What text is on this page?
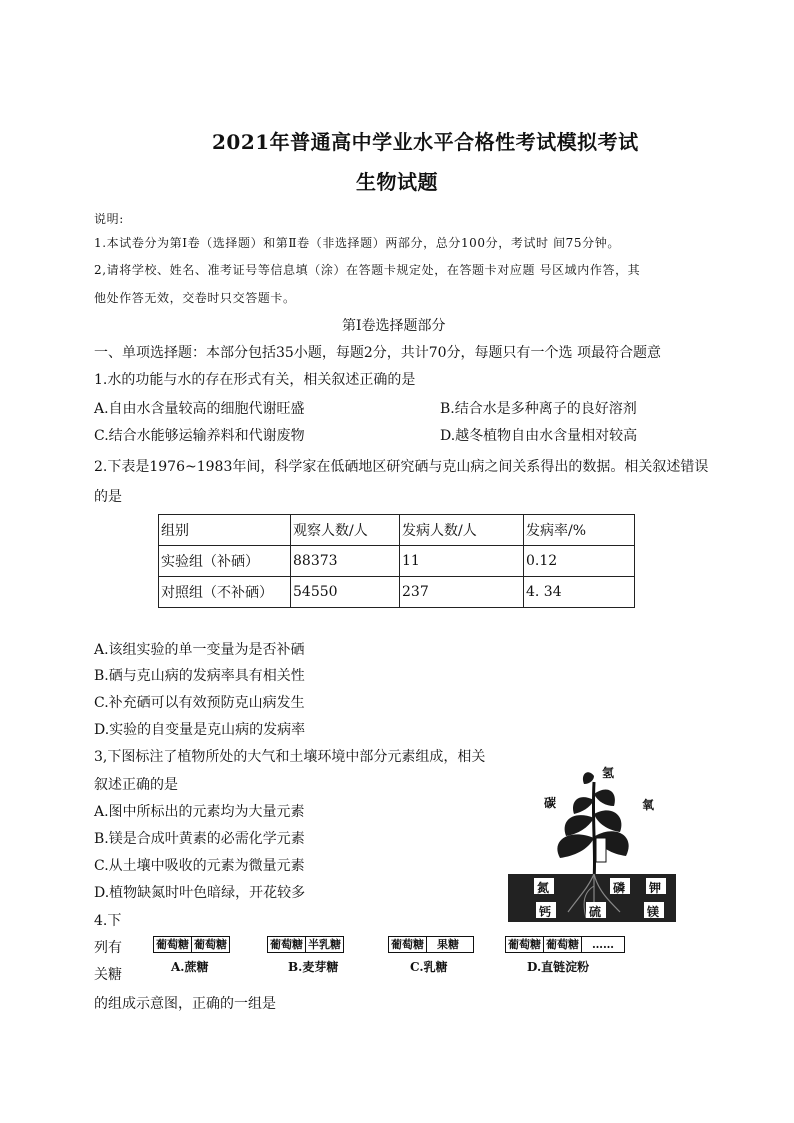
2021年普通高中学业水平合格性考试模拟考试
生物试题
说明:
1.本试卷分为第Ⅰ卷（选择题）和第Ⅱ卷（非选择题）两部分，总分100分，考试时 间75分钟。
2,请将学校、姓名、准考证号等信息填（涂）在答题卡规定处，在答题卡对应题 号区域内作答，其
他处作答无效，交卷时只交答题卡。
第Ⅰ卷选择题部分
一、单项选择题：本部分包括35小题，每题2分，共计70分，每题只有一个选 项最符合题意
1.水的功能与水的存在形式有关，相关叙述正确的是
A.自由水含量较高的细胞代谢旺盛	B.结合水是多种离子的良好溶剂
C.结合水能够运输养料和代谢废物	D.越冬植物自由水含量相对较高
2.下表是1976~1983年间，科学家在低硒地区研究硒与克山病之间关系得出的数据。相关叙述错误
的是
组别	观察人数/人	发病人数/人	发病率/%
实验组（补硒）	88373	11	0.12
对照组（不补硒）	54550	237	4. 34
A.该组实验的单一变量为是否补硒
B.硒与克山病的发病率具有相关性
C.补充硒可以有效预防克山病发生
D.实验的自变量是克山病的发病率
3,下图标注了植物所处的大气和土壤环境中部分元素组成，相关
叙述正确的是
A.图中所标出的元素均为大量元素
B.镁是合成叶黄素的必需化学元素
C.从土壤中吸收的元素为微量元素
D.植物缺氮时叶色暗绿，开花较多
氢
碳	氧
氮	磷 钾
钙	硫	镁
4.下
列有
关糖
的组成示意图，正确的一组是
葡萄糖 葡萄糖
A.蔗糖
葡萄糖 半乳糖
B.麦芽糖
葡萄糖	果糖
C.乳糖
葡萄糖 葡萄糖	……
D.直链淀粉
